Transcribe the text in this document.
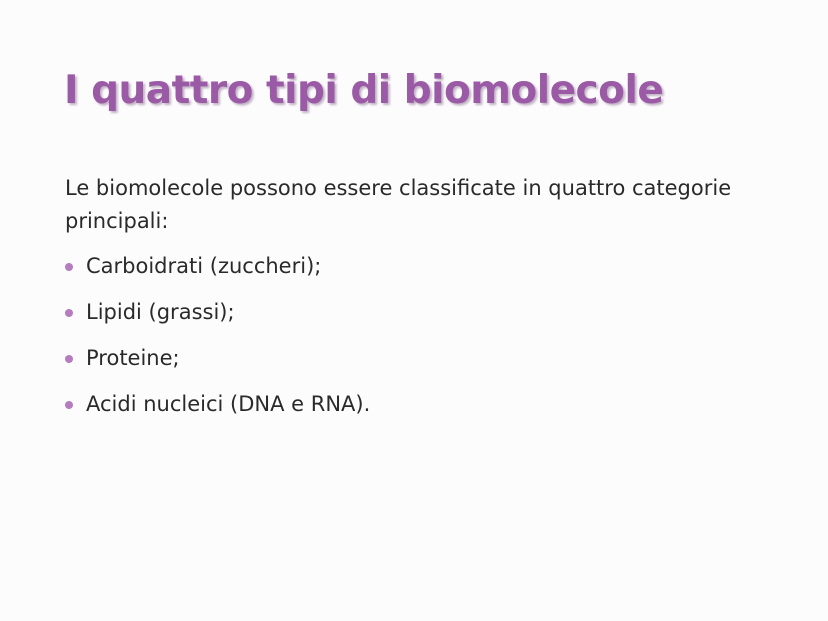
I quattro tipi di biomolecole

Le biomolecole possono essere classificate in quattro categorie principali:

Carboidrati (zuccheri);
Lipidi (grassi);
Proteine;
Acidi nucleici (DNA e RNA).
